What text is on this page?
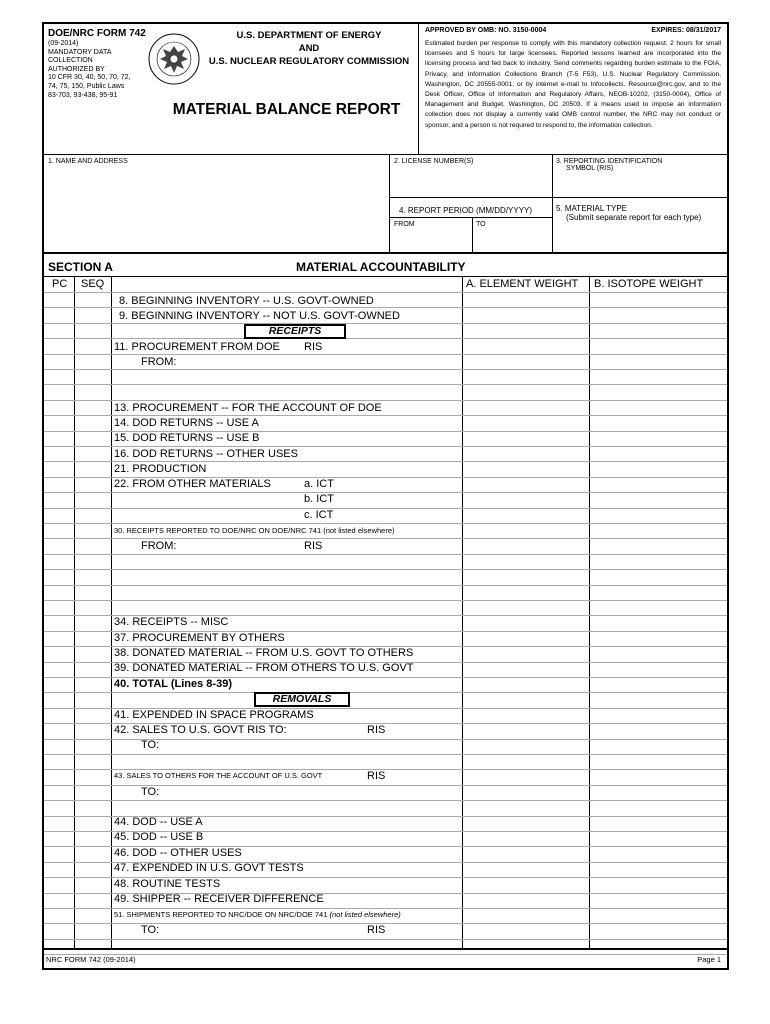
DOE/NRC FORM 742
(09-2014)
MANDATORY DATA
COLLECTION
AUTHORIZED BY
10 CFR 30, 40, 50, 70, 72,
74, 75, 150, Public Laws
83-703, 93-438, 95-91
U.S. DEPARTMENT OF ENERGY
AND
U.S. NUCLEAR REGULATORY COMMISSION
MATERIAL BALANCE REPORT
APPROVED BY OMB: NO. 3150-0004	EXPIRES: 08/31/2017
Estimated burden per response to comply with this mandatory collection request: 2 hours for small licensees and 5 hours for large licensees. Reported lessons learned are incorporated into the licensing process and fed back to industry. Send comments regarding burden estimate to the FOIA, Privacy, and Information Collections Branch (T-5 F53), U.S. Nuclear Regulatory Commission, Washington, DC 20555-0001, or by internet e-mail to Infocollects. Resource@nrc.gov, and to the Desk Officer, Office of Information and Regulatory Affairs, NEOB-10202, (3150-0004), Office of Management and Budget, Washington, DC 20503. If a means used to impose an information collection does not display a currently valid OMB control number, the NRC may not conduct or sponsor, and a person is not required to respond to, the information collection.
1. NAME AND ADDRESS	2. LICENSE NUMBER(S)	3. REPORTING IDENTIFICATION
SYMBOL (RIS)
4. REPORT PERIOD (MM/DD/YYYY)
FROM	TO
5. MATERIAL TYPE
(Submit separate report for each type)
SECTION A	MATERIAL ACCOUNTABILITY
PC SEQ	A. ELEMENT WEIGHT B. ISOTOPE WEIGHT
8. BEGINNING INVENTORY -- U.S. GOVT-OWNED
9. BEGINNING INVENTORY -- NOT U.S. GOVT-OWNED
RECEIPTS
11. PROCUREMENT FROM DOE RIS
FROM:
13. PROCUREMENT -- FOR THE ACCOUNT OF DOE
14. DOD RETURNS -- USE A
15. DOD RETURNS -- USE B
16. DOD RETURNS -- OTHER USES
21. PRODUCTION
22. FROM OTHER MATERIALS	a. ICT
b. ICT
c. ICT
30. RECEIPTS REPORTED TO DOE/NRC ON DOE/NRC 741 (not listed elsewhere)
FROM:	RIS
34. RECEIPTS -- MISC
37. PROCUREMENT BY OTHERS
38. DONATED MATERIAL -- FROM U.S. GOVT TO OTHERS
39. DONATED MATERIAL -- FROM OTHERS TO U.S. GOVT
40. TOTAL (Lines 8-39)
REMOVALS
41. EXPENDED IN SPACE PROGRAMS
42. SALES TO U.S. GOVT RIS TO:	RIS
TO:
43. SALES TO OTHERS FOR THE ACCOUNT OF U.S. GOVT	RIS
TO:
44. DOD -- USE A
45. DOD -- USE B
46. DOD -- OTHER USES
47. EXPENDED IN U.S. GOVT TESTS
48. ROUTINE TESTS
49. SHIPPER -- RECEIVER DIFFERENCE
51. SHIPMENTS REPORTED TO NRC/DOE ON NRC/DOE 741 (not listed elsewhere)
TO:	RIS
NRC FORM 742 (09-2014)	Page 1
